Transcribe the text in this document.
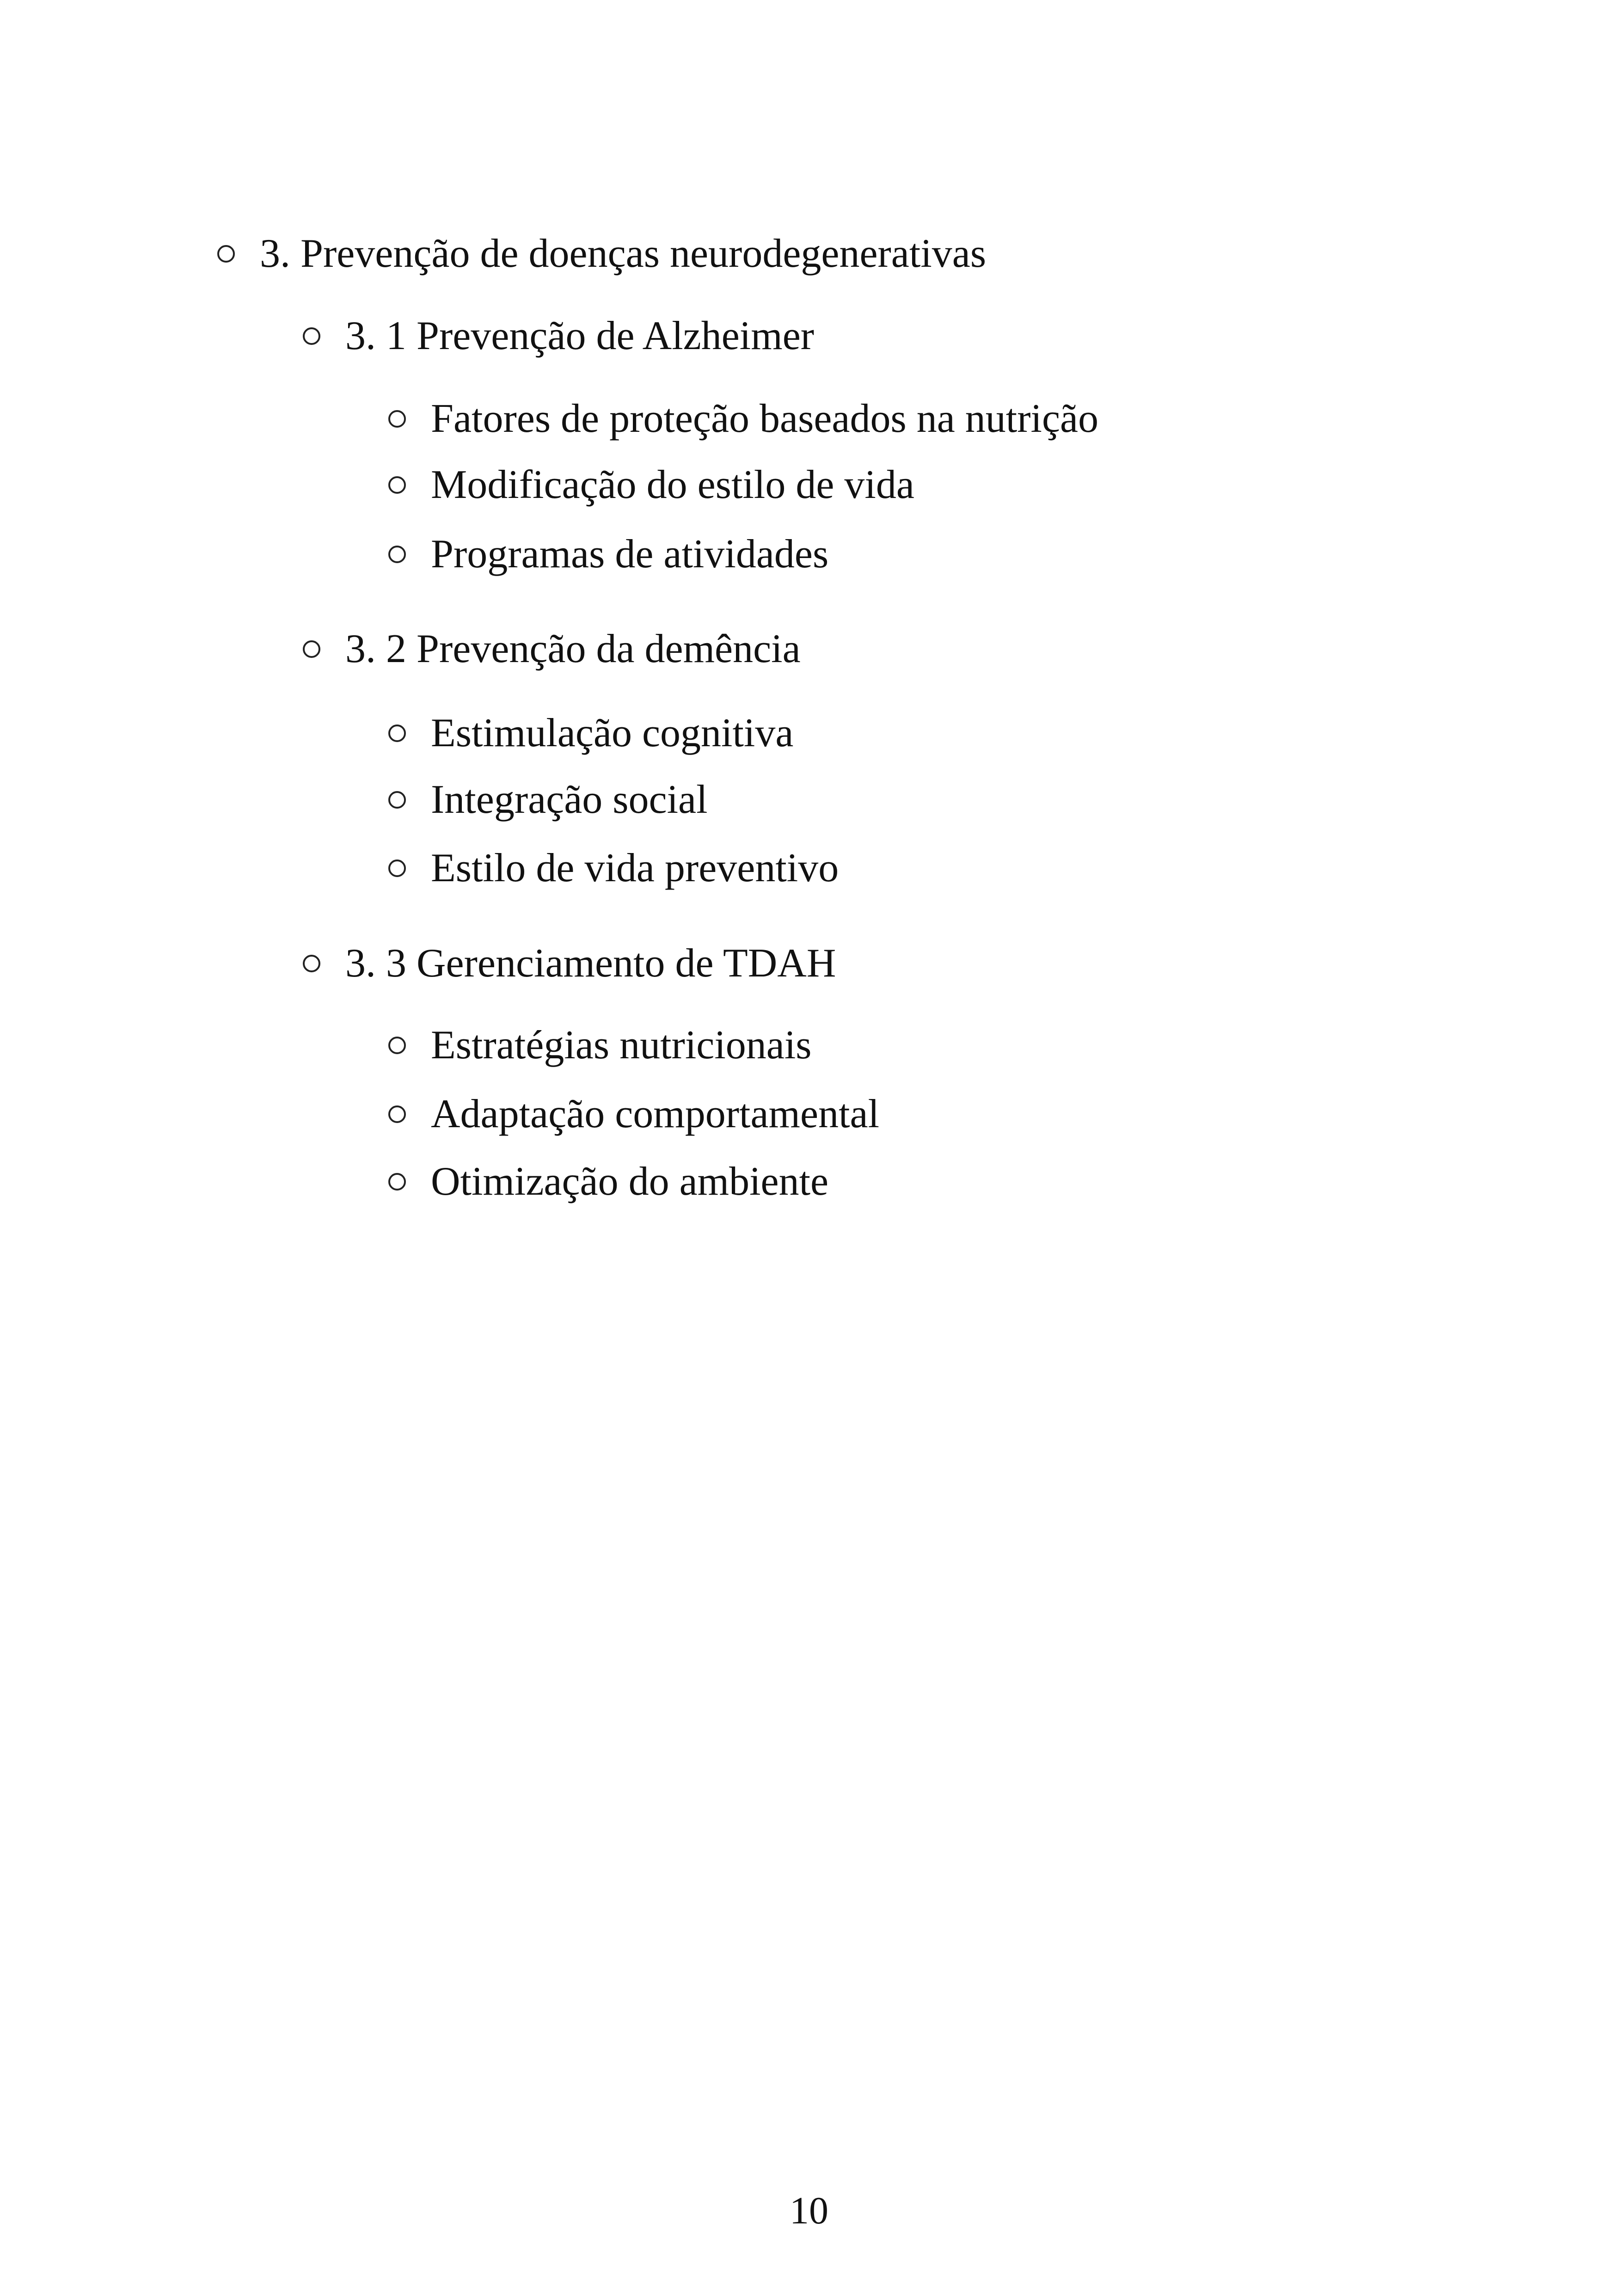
3. Prevenção de doenças neurodegenerativas
3. 1 Prevenção de Alzheimer
Fatores de proteção baseados na nutrição
Modificação do estilo de vida
Programas de atividades
3. 2 Prevenção da demência
Estimulação cognitiva
Integração social
Estilo de vida preventivo
3. 3 Gerenciamento de TDAH
Estratégias nutricionais
Adaptação comportamental
Otimização do ambiente
10
